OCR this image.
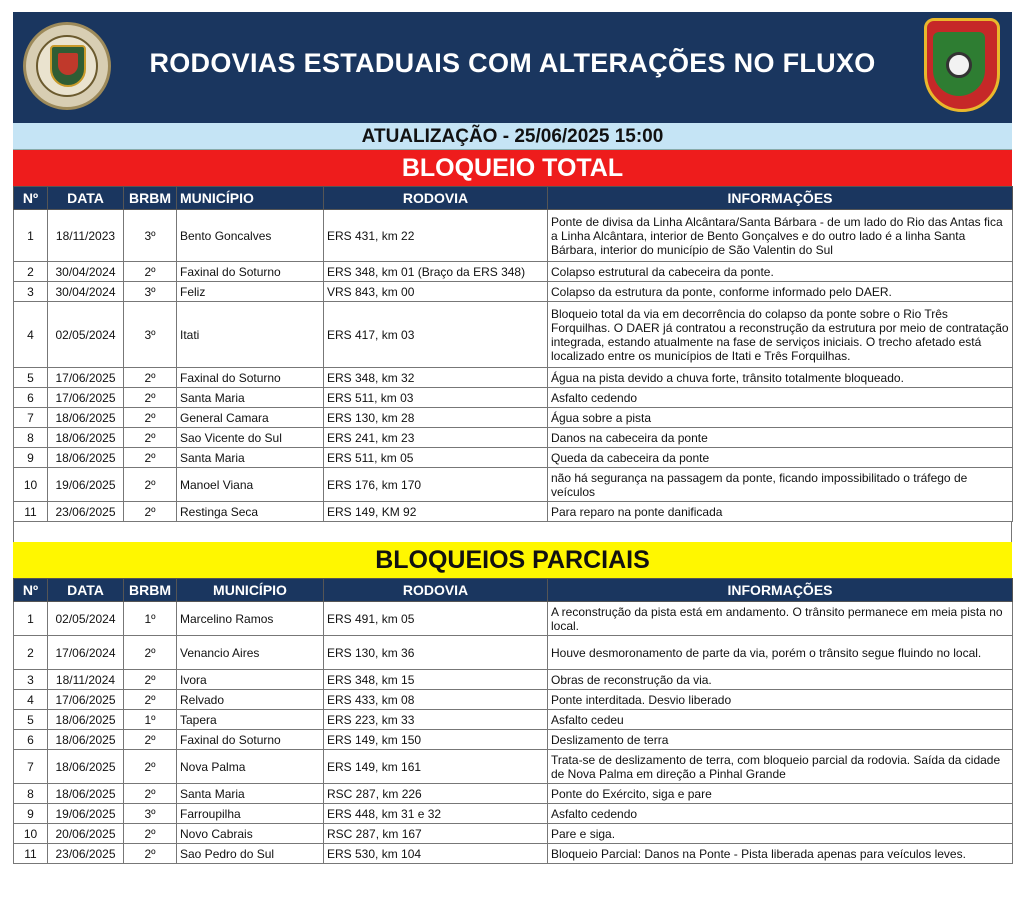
RODOVIAS ESTADUAIS COM ALTERAÇÕES NO FLUXO
ATUALIZAÇÃO - 25/06/2025 15:00
BLOQUEIO TOTAL
Nº	DATA	BRBM	MUNICÍPIO	RODOVIA	INFORMAÇÕES
1	18/11/2023	3º	Bento Goncalves	ERS 431, km 22	Ponte de divisa da Linha Alcântara/Santa Bárbara - de um lado do Rio das Antas fica a Linha Alcântara, interior de Bento Gonçalves e do outro lado é a linha Santa Bárbara, interior do município de São Valentin do Sul
2	30/04/2024	2º	Faxinal do Soturno	ERS 348, km 01 (Braço da ERS 348)	Colapso estrutural da cabeceira da ponte.
3	30/04/2024	3º	Feliz	VRS 843, km 00	Colapso da estrutura da ponte, conforme informado pelo DAER.
4	02/05/2024	3º	Itati	ERS 417, km 03	Bloqueio total da via em decorrência do colapso da ponte sobre o Rio Três Forquilhas. O DAER já contratou a reconstrução da estrutura por meio de contratação integrada, estando atualmente na fase de serviços iniciais. O trecho afetado está localizado entre os municípios de Itati e Três Forquilhas.
5	17/06/2025	2º	Faxinal do Soturno	ERS 348, km 32	Água na pista devido a chuva forte, trânsito totalmente bloqueado.
6	17/06/2025	2º	Santa Maria	ERS 511, km 03	Asfalto cedendo
7	18/06/2025	2º	General Camara	ERS 130, km 28	Água sobre a pista
8	18/06/2025	2º	Sao Vicente do Sul	ERS 241, km 23	Danos na cabeceira da ponte
9	18/06/2025	2º	Santa Maria	ERS 511, km 05	Queda da cabeceira da ponte
10	19/06/2025	2º	Manoel Viana	ERS 176, km 170	não há segurança na passagem da ponte, ficando impossibilitado o tráfego de veículos
11	23/06/2025	2º	Restinga Seca	ERS 149, KM 92	Para reparo na ponte danificada
BLOQUEIOS PARCIAIS
Nº	DATA	BRBM	MUNICÍPIO	RODOVIA	INFORMAÇÕES
1	02/05/2024	1º	Marcelino Ramos	ERS 491, km 05	A reconstrução da pista está em andamento. O trânsito permanece em meia pista no local.
2	17/06/2024	2º	Venancio Aires	ERS 130, km 36	Houve desmoronamento de parte da via, porém o trânsito segue fluindo no local.
3	18/11/2024	2º	Ivora	ERS 348, km 15	Obras de reconstrução da via.
4	17/06/2025	2º	Relvado	ERS 433, km 08	Ponte interditada. Desvio liberado
5	18/06/2025	1º	Tapera	ERS 223, km 33	Asfalto cedeu
6	18/06/2025	2º	Faxinal do Soturno	ERS 149, km 150	Deslizamento de terra
7	18/06/2025	2º	Nova Palma	ERS 149, km 161	Trata-se de deslizamento de terra, com bloqueio parcial da rodovia. Saída da cidade de Nova Palma em direção a Pinhal Grande
8	18/06/2025	2º	Santa Maria	RSC 287, km 226	Ponte do Exército, siga e pare
9	19/06/2025	3º	Farroupilha	ERS 448, km 31 e 32	Asfalto cedendo
10	20/06/2025	2º	Novo Cabrais	RSC 287, km 167	Pare e siga.
11	23/06/2025	2º	Sao Pedro do Sul	ERS 530, km 104	Bloqueio Parcial: Danos na Ponte - Pista liberada apenas para veículos leves.
